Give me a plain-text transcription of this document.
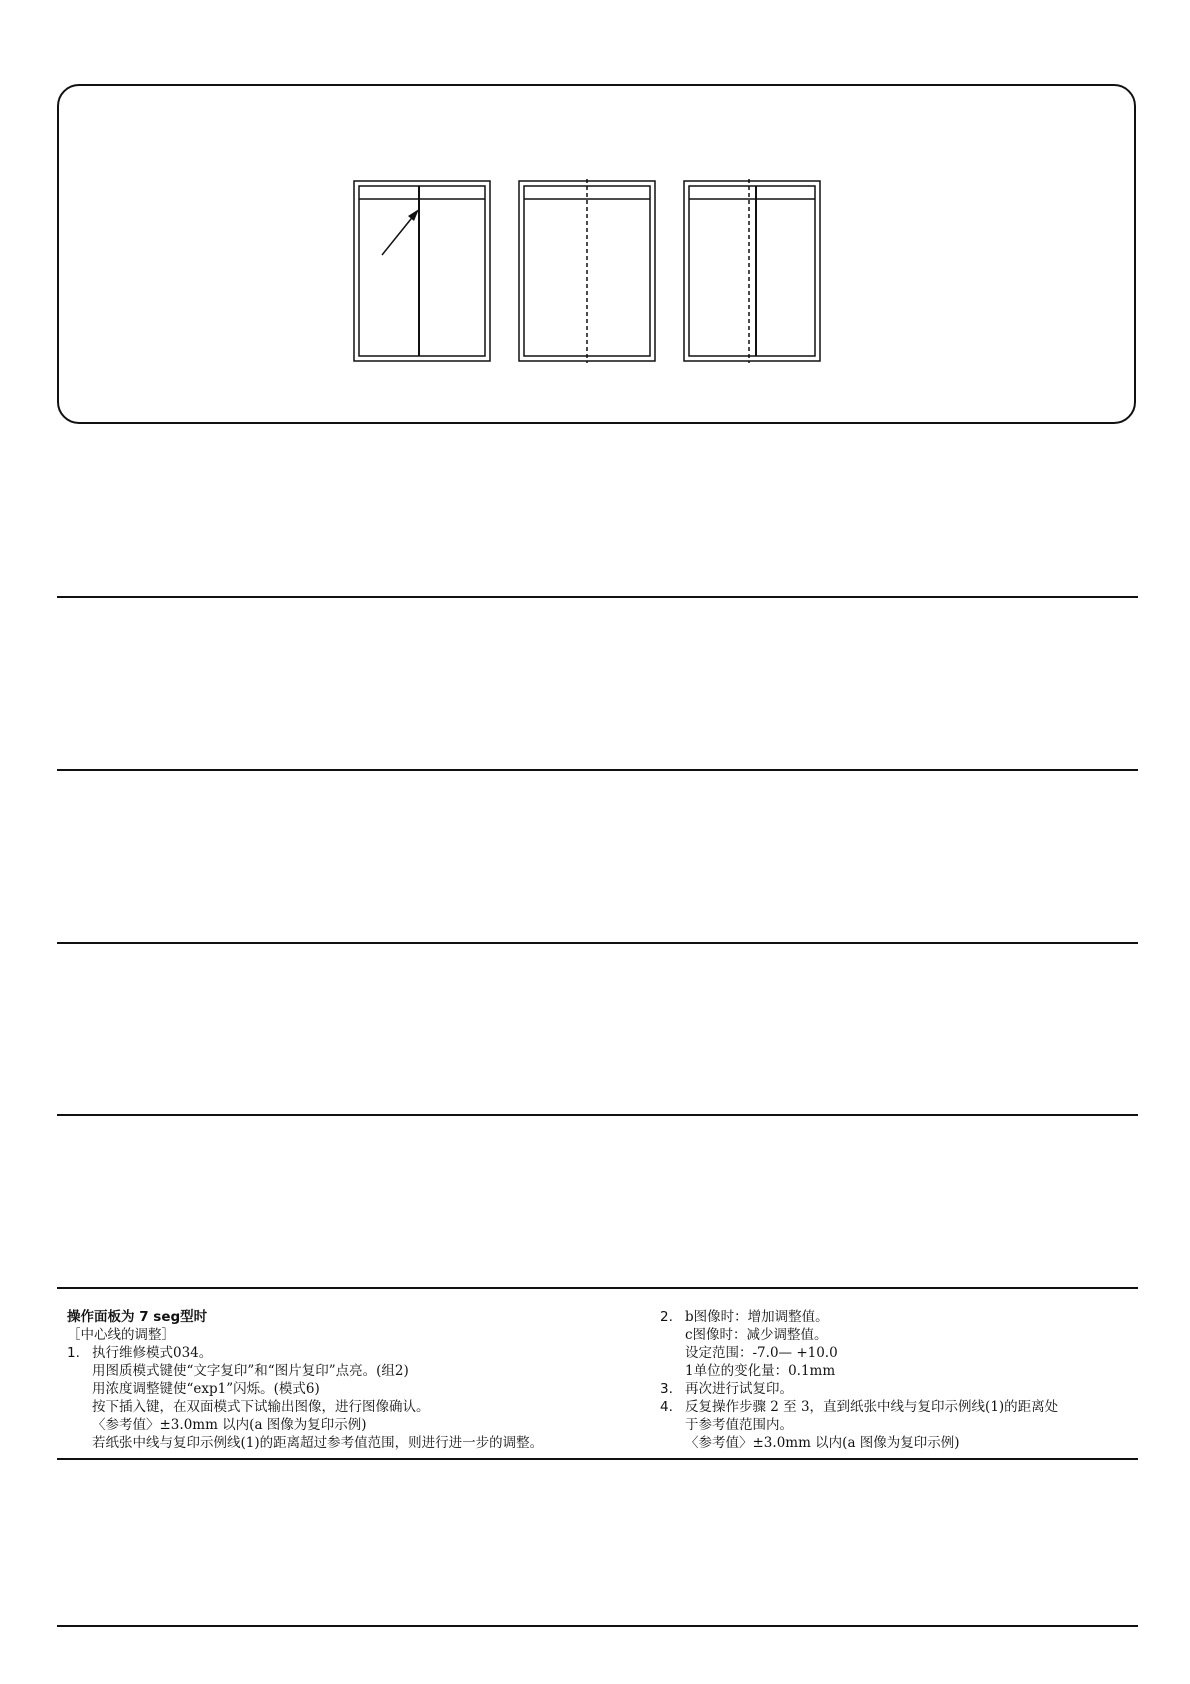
操作面板为 7 seg型时
［中心线的调整］
1. 执行维修模式034。
用图质模式键使“文字复印”和“图片复印”点亮。(组2)
用浓度调整键使“exp1”闪烁。(模式6)
按下插入键，在双面模式下试输出图像，进行图像确认。
〈参考值〉±3.0mm 以内(a 图像为复印示例)
若纸张中线与复印示例线(1)的距离超过参考值范围，则进行进一步的调整。
2. b图像时：增加调整值。
c图像时：减少调整值。
设定范围：-7.0— +10.0
1单位的变化量：0.1mm
3. 再次进行试复印。
4. 反复操作步骤 2 至 3，直到纸张中线与复印示例线(1)的距离处
于参考值范围内。
〈参考值〉±3.0mm 以内(a 图像为复印示例)
